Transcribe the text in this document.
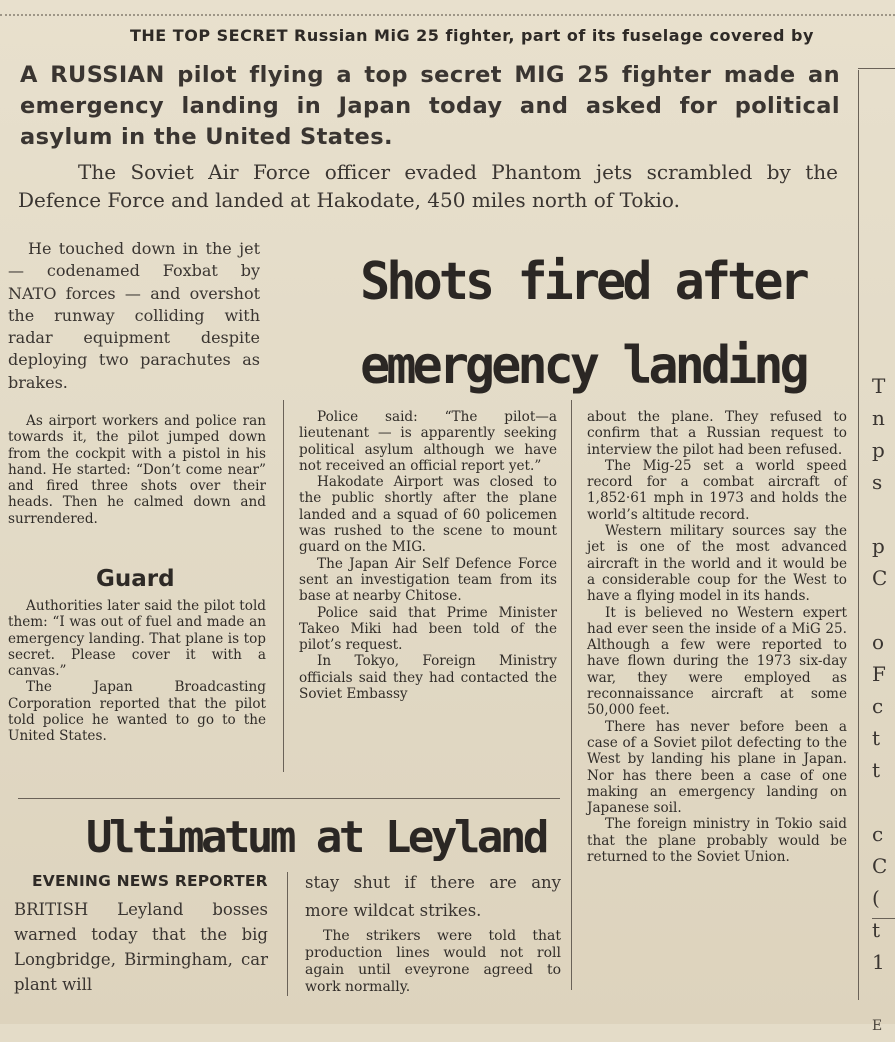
THE TOP SECRET Russian MiG 25 fighter, part of its fuselage covered by
A RUSSIAN pilot flying a top secret MIG 25 fighter made an emergency landing in Japan today and asked for political asylum in the United States.

The Soviet Air Force officer evaded Phantom jets scrambled by the Defence Force and landed at Hakodate, 450 miles north of Tokio.

He touched down in the jet — codenamed Foxbat by NATO forces — and overshot the runway colliding with radar equipment despite deploying two parachutes as brakes.

As airport workers and police ran towards it, the pilot jumped down from the cockpit with a pistol in his hand. He started: “Don’t come near” and fired three shots over their heads. Then he calmed down and surrendered.

Guard

Authorities later said the pilot told them: “I was out of fuel and made an emergency landing. That plane is top secret. Please cover it with a canvas.”

The Japan Broadcasting Corporation reported that the pilot told police he wanted to go to the United States.

Shots fired after
emergency landing

Police said: “The pilot—a lieutenant — is apparently seeking political asylum although we have not received an official report yet.”

Hakodate Airport was closed to the public shortly after the plane landed and a squad of 60 policemen was rushed to the scene to mount guard on the MIG.

The Japan Air Self Defence Force sent an investigation team from its base at nearby Chitose.

Police said that Prime Minister Takeo Miki had been told of the pilot’s request.

In Tokyo, Foreign Ministry officials said they had contacted the Soviet Embassy

about the plane. They refused to confirm that a Russian request to interview the pilot had been refused.

The Mig-25 set a world speed record for a combat aircraft of 1,852·61 mph in 1973 and holds the world’s altitude record.

Western military sources say the jet is one of the most advanced aircraft in the world and it would be a considerable coup for the West to have a flying model in its hands.

It is believed no Western expert had ever seen the inside of a MiG 25. Although a few were reported to have flown during the 1973 six-day war, they were employed as reconnaissance aircraft at some 50,000 feet.

There has never before been a case of a Soviet pilot defecting to the West by landing his plane in Japan. Nor has there been a case of one making an emergency landing on Japanese soil.

The foreign ministry in Tokio said that the plane probably would be returned to the Soviet Union.

Ultimatum at Leyland
EVENING NEWS REPORTER

BRITISH Leyland bosses warned today that the big Longbridge, Birmingham, car plant will

stay shut if there are any more wildcat strikes.

The strikers were told that production lines would not roll again until eveyrone agreed to work normally.

T
n
p
s
p
C
o
F
c
t
t
c
C
(
t
1
E
